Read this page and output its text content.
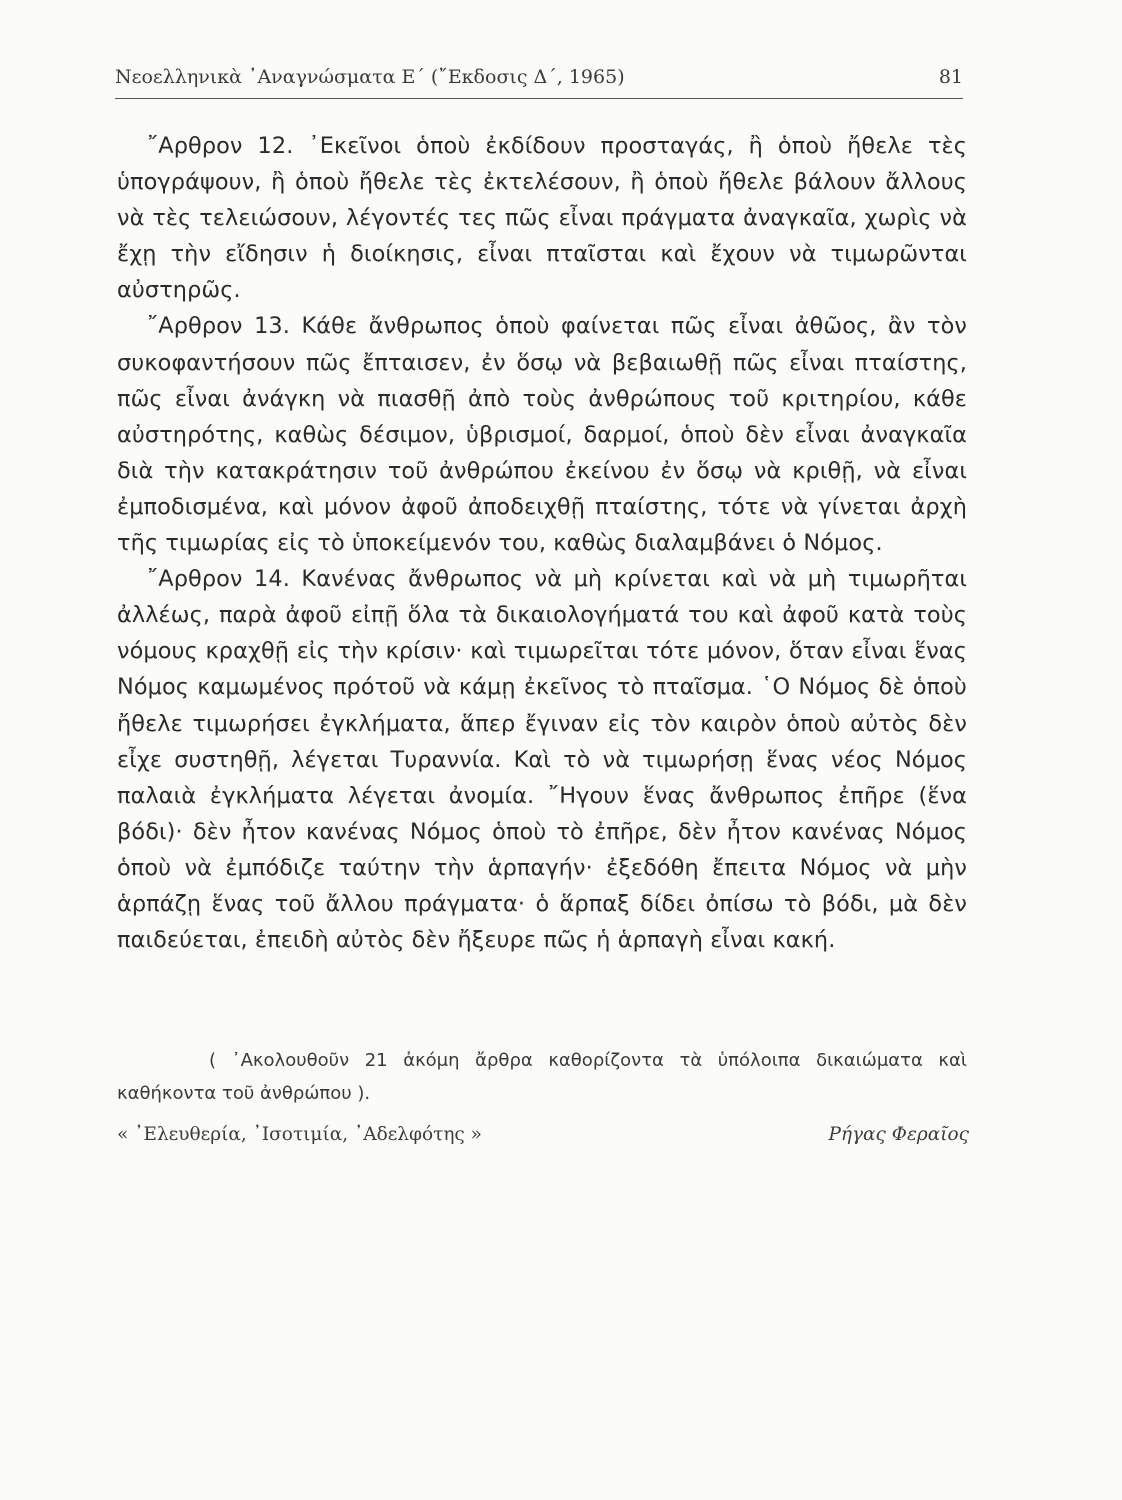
Νεοελληνικὰ ᾿Αναγνώσματα Ε΄ (῎Εκδοσις Δ΄, 1965)	81

῎Αρθρον 12. ᾿Εκεῖνοι ὁποὺ ἐκδίδουν προσταγάς, ἢ ὁποὺ ἤθελε τὲς ὑπογράψουν, ἢ ὁποὺ ἤθελε τὲς ἐκτελέσουν, ἢ ὁποὺ ἤθελε βάλουν ἄλλους νὰ τὲς τελειώσουν, λέγοντές τες πῶς εἶναι πράγματα ἀναγκαῖα, χωρὶς νὰ ἔχῃ τὴν εἴδησιν ἡ διοίκησις, εἶναι πταῖσται καὶ ἔχουν νὰ τιμωρῶνται αὐστηρῶς.

῎Αρθρον 13. Κάθε ἄνθρωπος ὁποὺ φαίνεται πῶς εἶναι ἀθῶος, ἂν τὸν συκοφαντήσουν πῶς ἔπταισεν, ἐν ὅσῳ νὰ βεβαιωθῇ πῶς εἶναι πταίστης, πῶς εἶναι ἀνάγκη νὰ πιασθῇ ἀπὸ τοὺς ἀνθρώπους τοῦ κριτηρίου, κάθε αὐστηρότης, καθὼς δέσιμον, ὑβρισμοί, δαρμοί, ὁποὺ δὲν εἶναι ἀναγκαῖα διὰ τὴν κατακράτησιν τοῦ ἀνθρώπου ἐκείνου ἐν ὅσῳ νὰ κριθῇ, νὰ εἶναι ἐμποδισμένα, καὶ μόνον ἀφοῦ ἀποδειχθῇ πταίστης, τότε νὰ γίνεται ἀρχὴ τῆς τιμωρίας εἰς τὸ ὑποκείμενόν του, καθὼς διαλαμβάνει ὁ Νόμος.

῎Αρθρον 14. Κανένας ἄνθρωπος νὰ μὴ κρίνεται καὶ νὰ μὴ τιμωρῆται ἀλλέως, παρὰ ἀφοῦ εἰπῇ ὅλα τὰ δικαιολογήματά του καὶ ἀφοῦ κατὰ τοὺς νόμους κραχθῇ εἰς τὴν κρίσιν· καὶ τιμωρεῖται τότε μόνον, ὅταν εἶναι ἕνας Νόμος καμωμένος πρότοῦ νὰ κάμῃ ἐκεῖνος τὸ πταῖσμα. ῾Ο Νόμος δὲ ὁποὺ ἤθελε τιμωρήσει ἐγκλήματα, ἅπερ ἔγιναν εἰς τὸν καιρὸν ὁποὺ αὐτὸς δὲν εἶχε συστηθῇ, λέγεται Τυραννία. Καὶ τὸ νὰ τιμωρήσῃ ἕνας νέος Νόμος παλαιὰ ἐγκλήματα λέγεται ἀνομία. ῎Ηγουν ἕνας ἄνθρωπος ἐπῆρε (ἕνα βόδι)· δὲν ἦτον κανένας Νόμος ὁποὺ τὸ ἐπῆρε, δὲν ἦτον κανένας Νόμος ὁποὺ νὰ ἐμπόδιζε ταύτην τὴν ἁρπαγήν· ἐξεδόθη ἔπειτα Νόμος νὰ μὴν ἁρπάζῃ ἕνας τοῦ ἄλλου πράγματα· ὁ ἅρπαξ δίδει ὀπίσω τὸ βόδι, μὰ δὲν παιδεύεται, ἐπειδὴ αὐτὸς δὲν ἤξευρε πῶς ἡ ἁρπαγὴ εἶναι κακή.

( ᾿Ακολουθοῦν 21 ἀκόμη ἄρθρα καθορίζοντα τὰ ὑπόλοιπα δικαιώματα καὶ καθήκοντα τοῦ ἀνθρώπου ).

« ᾿Ελευθερία, ᾿Ισοτιμία, ᾿Αδελφότης »	Ρήγας Φεραῖος
